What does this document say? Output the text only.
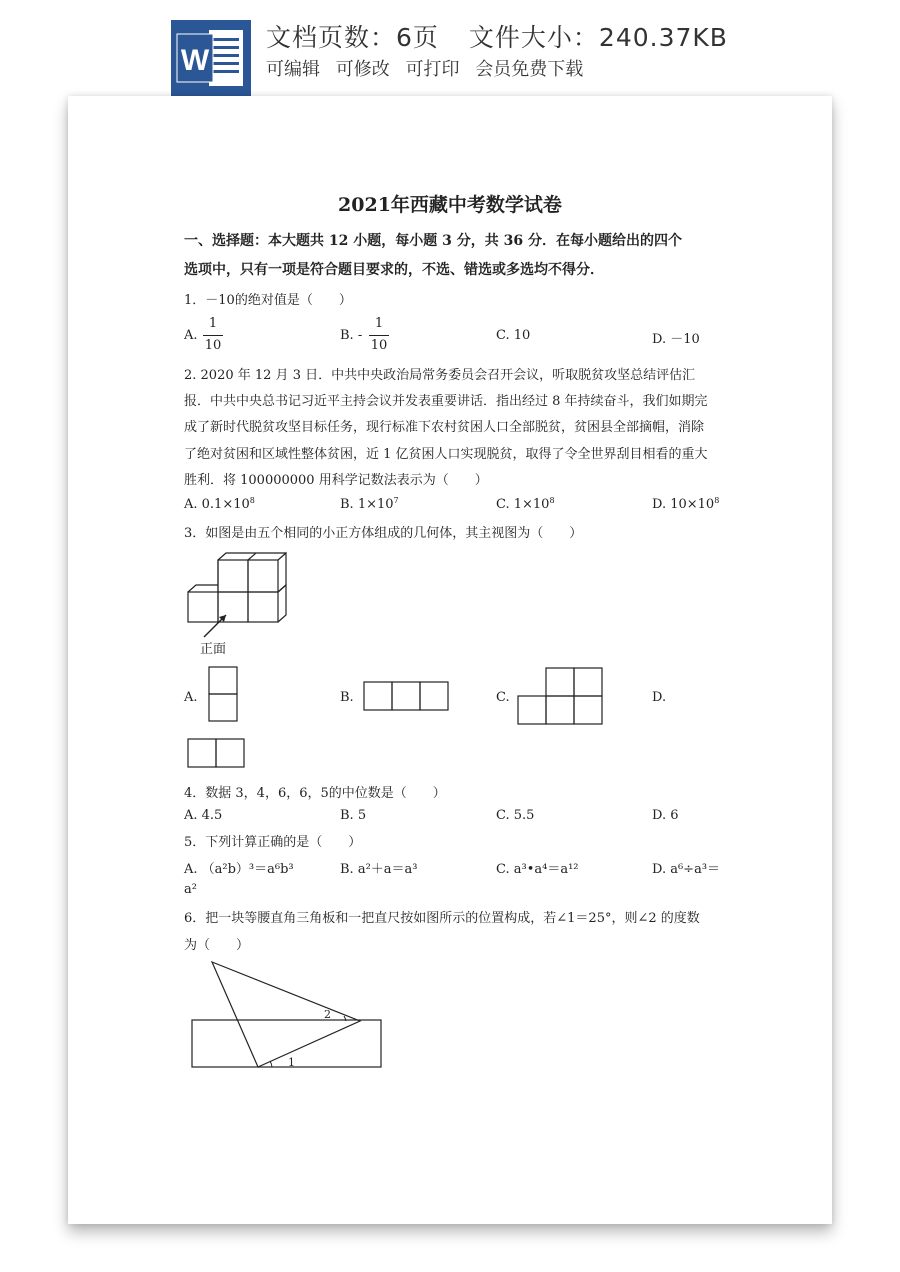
W
文档页数：6页 文件大小：240.37KB
可编辑 可修改 可打印 会员免费下载
2021年西藏中考数学试卷
一、选择题：本大题共 12 小题，每小题 3 分，共 36 分．在每小题给出的四个
选项中，只有一项是符合题目要求的，不选、错选或多选均不得分．
1．－10的绝对值是（　　）
A.
1
10
B. -
1
10
C. 10	D. －10
2. 2020 年 12 月 3 日．中共中央政治局常务委员会召开会议，听取脱贫攻坚总结评估汇
报．中共中央总书记习近平主持会议并发表重要讲话．指出经过 8 年持续奋斗，我们如期完
成了新时代脱贫攻坚目标任务，现行标准下农村贫困人口全部脱贫，贫困县全部摘帽，消除
了绝对贫困和区域性整体贫困，近 1 亿贫困人口实现脱贫，取得了令全世界刮目相看的重大
胜利．将 100000000 用科学记数法表示为（　　）
A. $0.1\times 10^8$	B. $1\times 10^7$	C. $1\times 10^8$	D. $10\times 10^8$
3．如图是由五个相同的小正方体组成的几何体，其主视图为（　　）
正面
A.	B.	C.	D.
4．数据 3，4，6，6，5的中位数是（　　）
A. 4.5	B. 5	C. 5.5	D. 6
5．下列计算正确的是（　　）
A. （a²b）³＝a⁶b³	B. a²＋a＝a³	C. a³•a⁴＝a¹²	D. a⁶÷a³＝
a²
6．把一块等腰直角三角板和一把直尺按如图所示的位置构成，若∠1＝25°，则∠2 的度数
为（　　）
2
1
